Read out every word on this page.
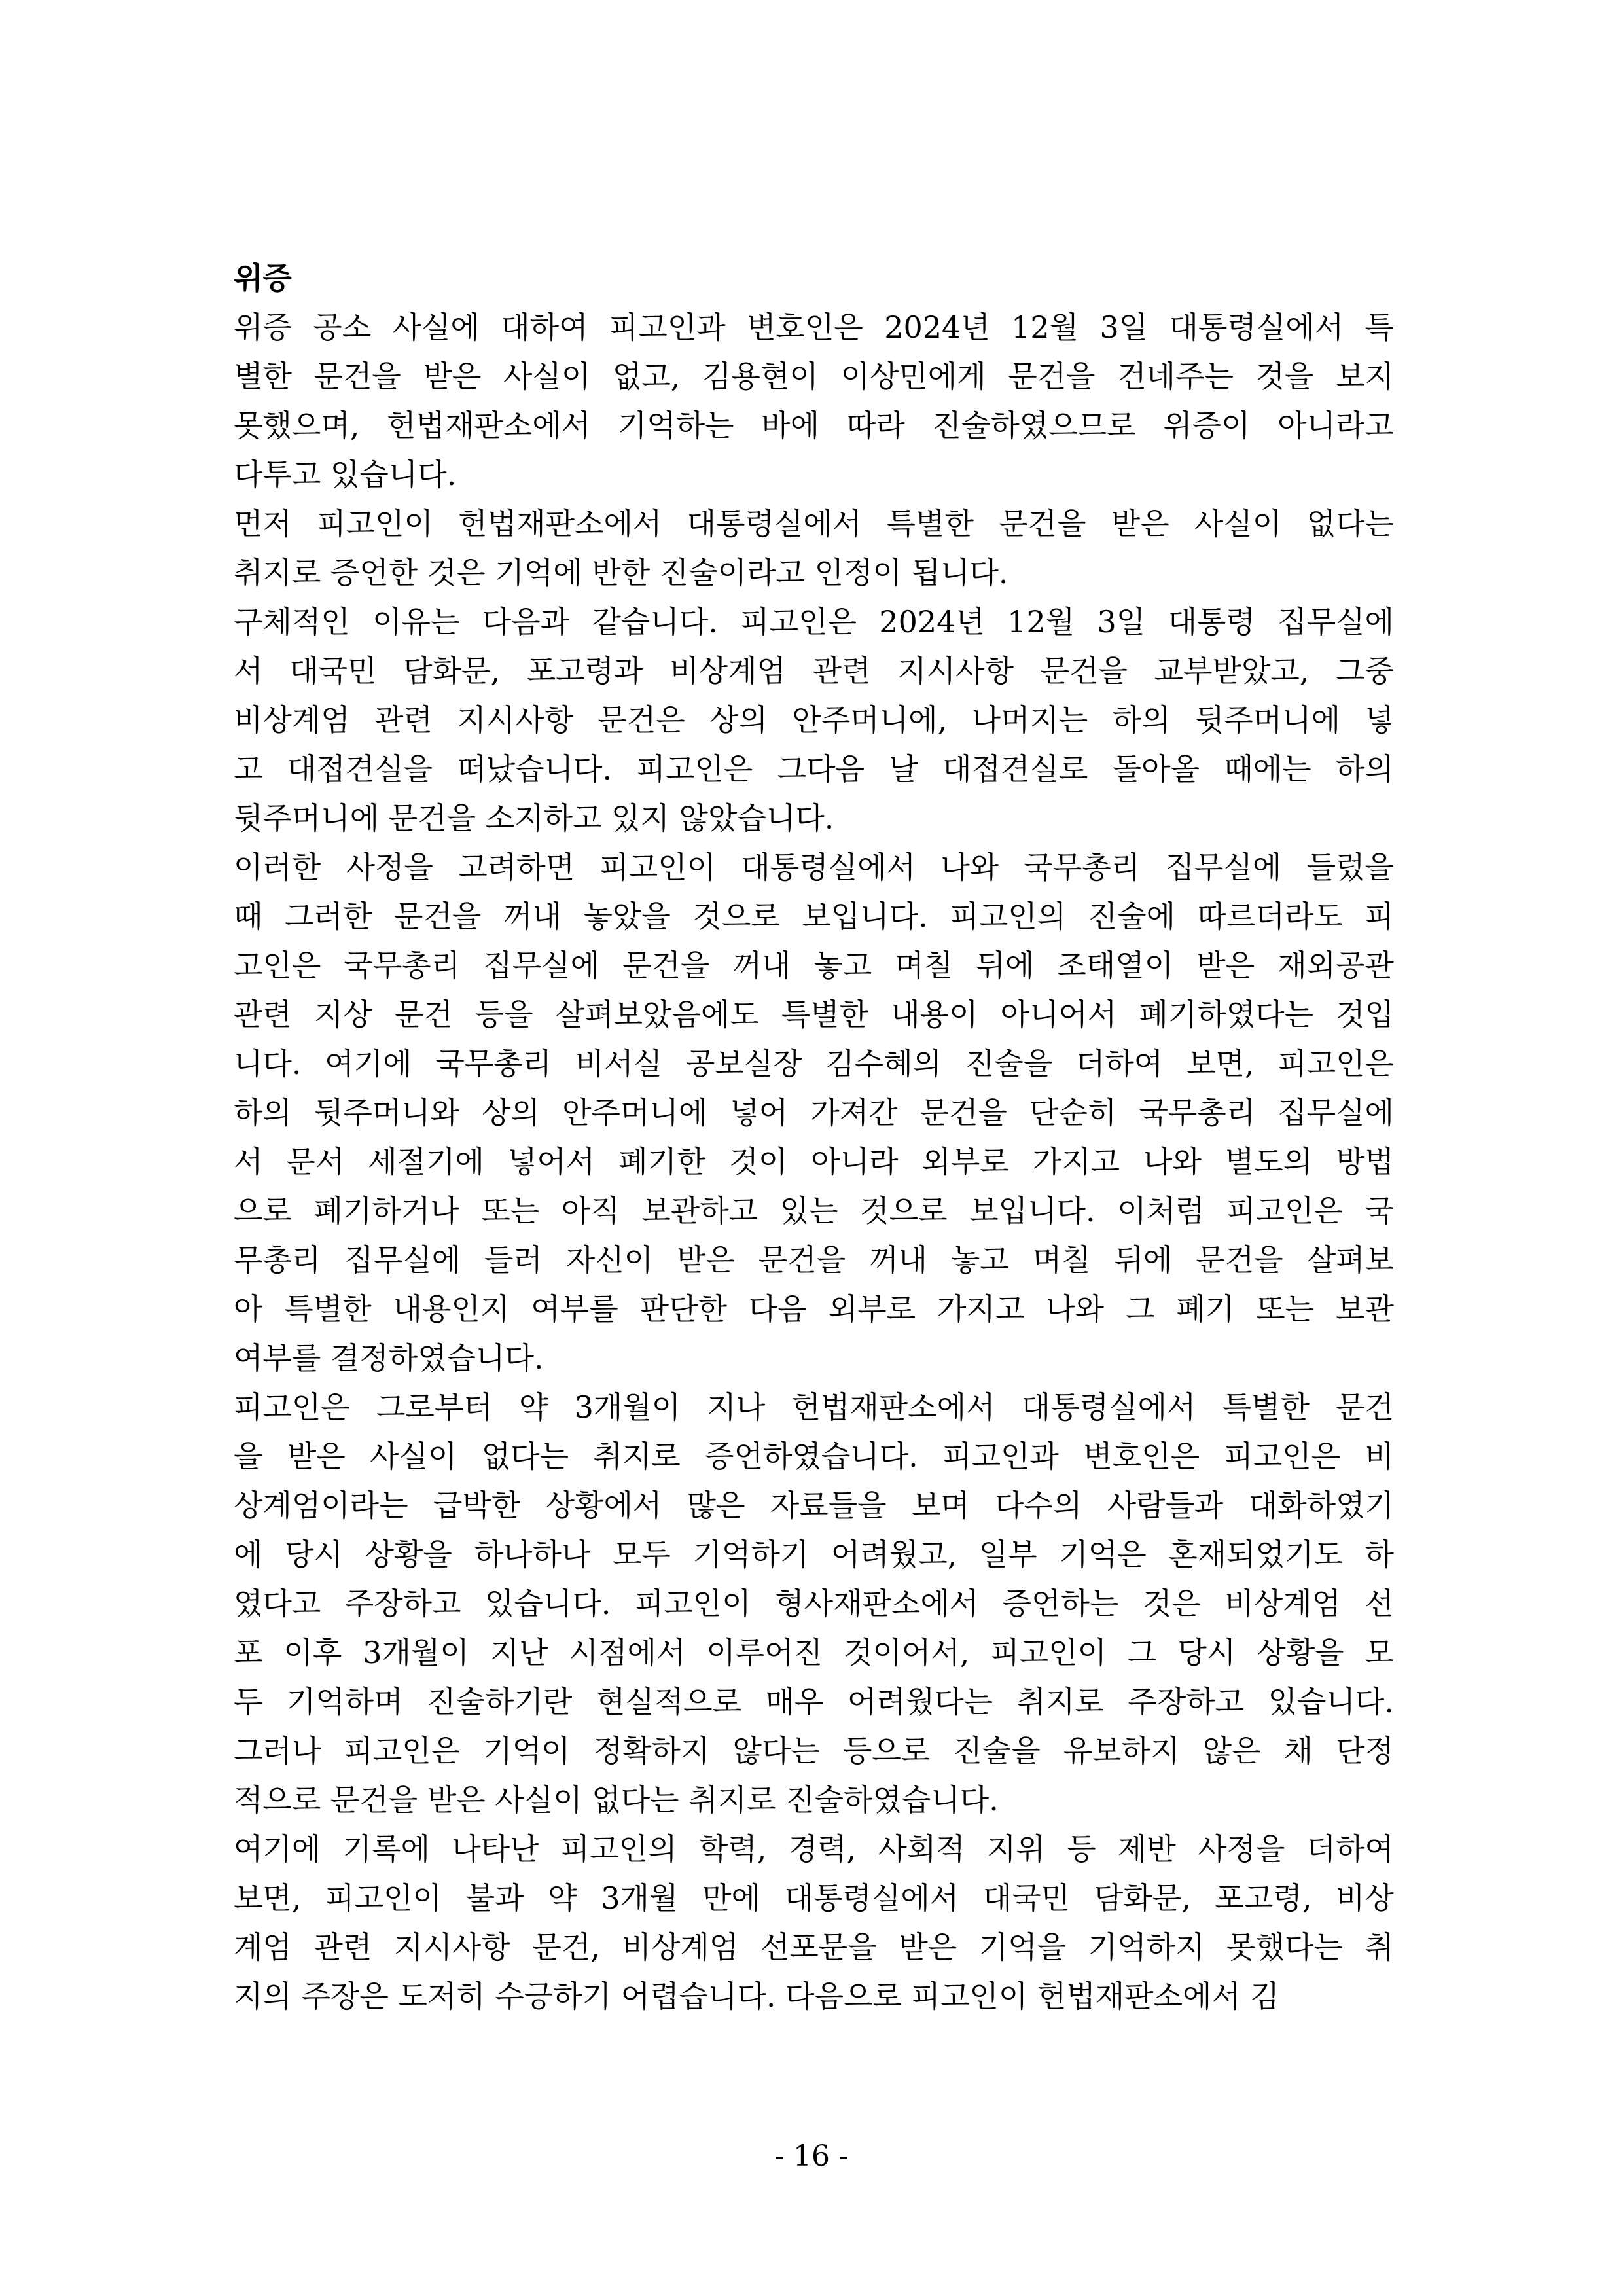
위증
위증 공소 사실에 대하여 피고인과 변호인은 2024년 12월 3일 대통령실에서 특
별한 문건을 받은 사실이 없고, 김용현이 이상민에게 문건을 건네주는 것을 보지
못했으며, 헌법재판소에서 기억하는 바에 따라 진술하였으므로 위증이 아니라고
다투고 있습니다.
먼저 피고인이 헌법재판소에서 대통령실에서 특별한 문건을 받은 사실이 없다는
취지로 증언한 것은 기억에 반한 진술이라고 인정이 됩니다.
구체적인 이유는 다음과 같습니다. 피고인은 2024년 12월 3일 대통령 집무실에
서 대국민 담화문, 포고령과 비상계엄 관련 지시사항 문건을 교부받았고, 그중
비상계엄 관련 지시사항 문건은 상의 안주머니에, 나머지는 하의 뒷주머니에 넣
고 대접견실을 떠났습니다. 피고인은 그다음 날 대접견실로 돌아올 때에는 하의
뒷주머니에 문건을 소지하고 있지 않았습니다.
이러한 사정을 고려하면 피고인이 대통령실에서 나와 국무총리 집무실에 들렀을
때 그러한 문건을 꺼내 놓았을 것으로 보입니다. 피고인의 진술에 따르더라도 피
고인은 국무총리 집무실에 문건을 꺼내 놓고 며칠 뒤에 조태열이 받은 재외공관
관련 지상 문건 등을 살펴보았음에도 특별한 내용이 아니어서 폐기하였다는 것입
니다. 여기에 국무총리 비서실 공보실장 김수혜의 진술을 더하여 보면, 피고인은
하의 뒷주머니와 상의 안주머니에 넣어 가져간 문건을 단순히 국무총리 집무실에
서 문서 세절기에 넣어서 폐기한 것이 아니라 외부로 가지고 나와 별도의 방법
으로 폐기하거나 또는 아직 보관하고 있는 것으로 보입니다. 이처럼 피고인은 국
무총리 집무실에 들러 자신이 받은 문건을 꺼내 놓고 며칠 뒤에 문건을 살펴보
아 특별한 내용인지 여부를 판단한 다음 외부로 가지고 나와 그 폐기 또는 보관
여부를 결정하였습니다.
피고인은 그로부터 약 3개월이 지나 헌법재판소에서 대통령실에서 특별한 문건
을 받은 사실이 없다는 취지로 증언하였습니다. 피고인과 변호인은 피고인은 비
상계엄이라는 급박한 상황에서 많은 자료들을 보며 다수의 사람들과 대화하였기
에 당시 상황을 하나하나 모두 기억하기 어려웠고, 일부 기억은 혼재되었기도 하
였다고 주장하고 있습니다. 피고인이 형사재판소에서 증언하는 것은 비상계엄 선
포 이후 3개월이 지난 시점에서 이루어진 것이어서, 피고인이 그 당시 상황을 모
두 기억하며 진술하기란 현실적으로 매우 어려웠다는 취지로 주장하고 있습니다.
그러나 피고인은 기억이 정확하지 않다는 등으로 진술을 유보하지 않은 채 단정
적으로 문건을 받은 사실이 없다는 취지로 진술하였습니다.
여기에 기록에 나타난 피고인의 학력, 경력, 사회적 지위 등 제반 사정을 더하여
보면, 피고인이 불과 약 3개월 만에 대통령실에서 대국민 담화문, 포고령, 비상
계엄 관련 지시사항 문건, 비상계엄 선포문을 받은 기억을 기억하지 못했다는 취
지의 주장은 도저히 수긍하기 어렵습니다. 다음으로 피고인이 헌법재판소에서 김
- 16 -
